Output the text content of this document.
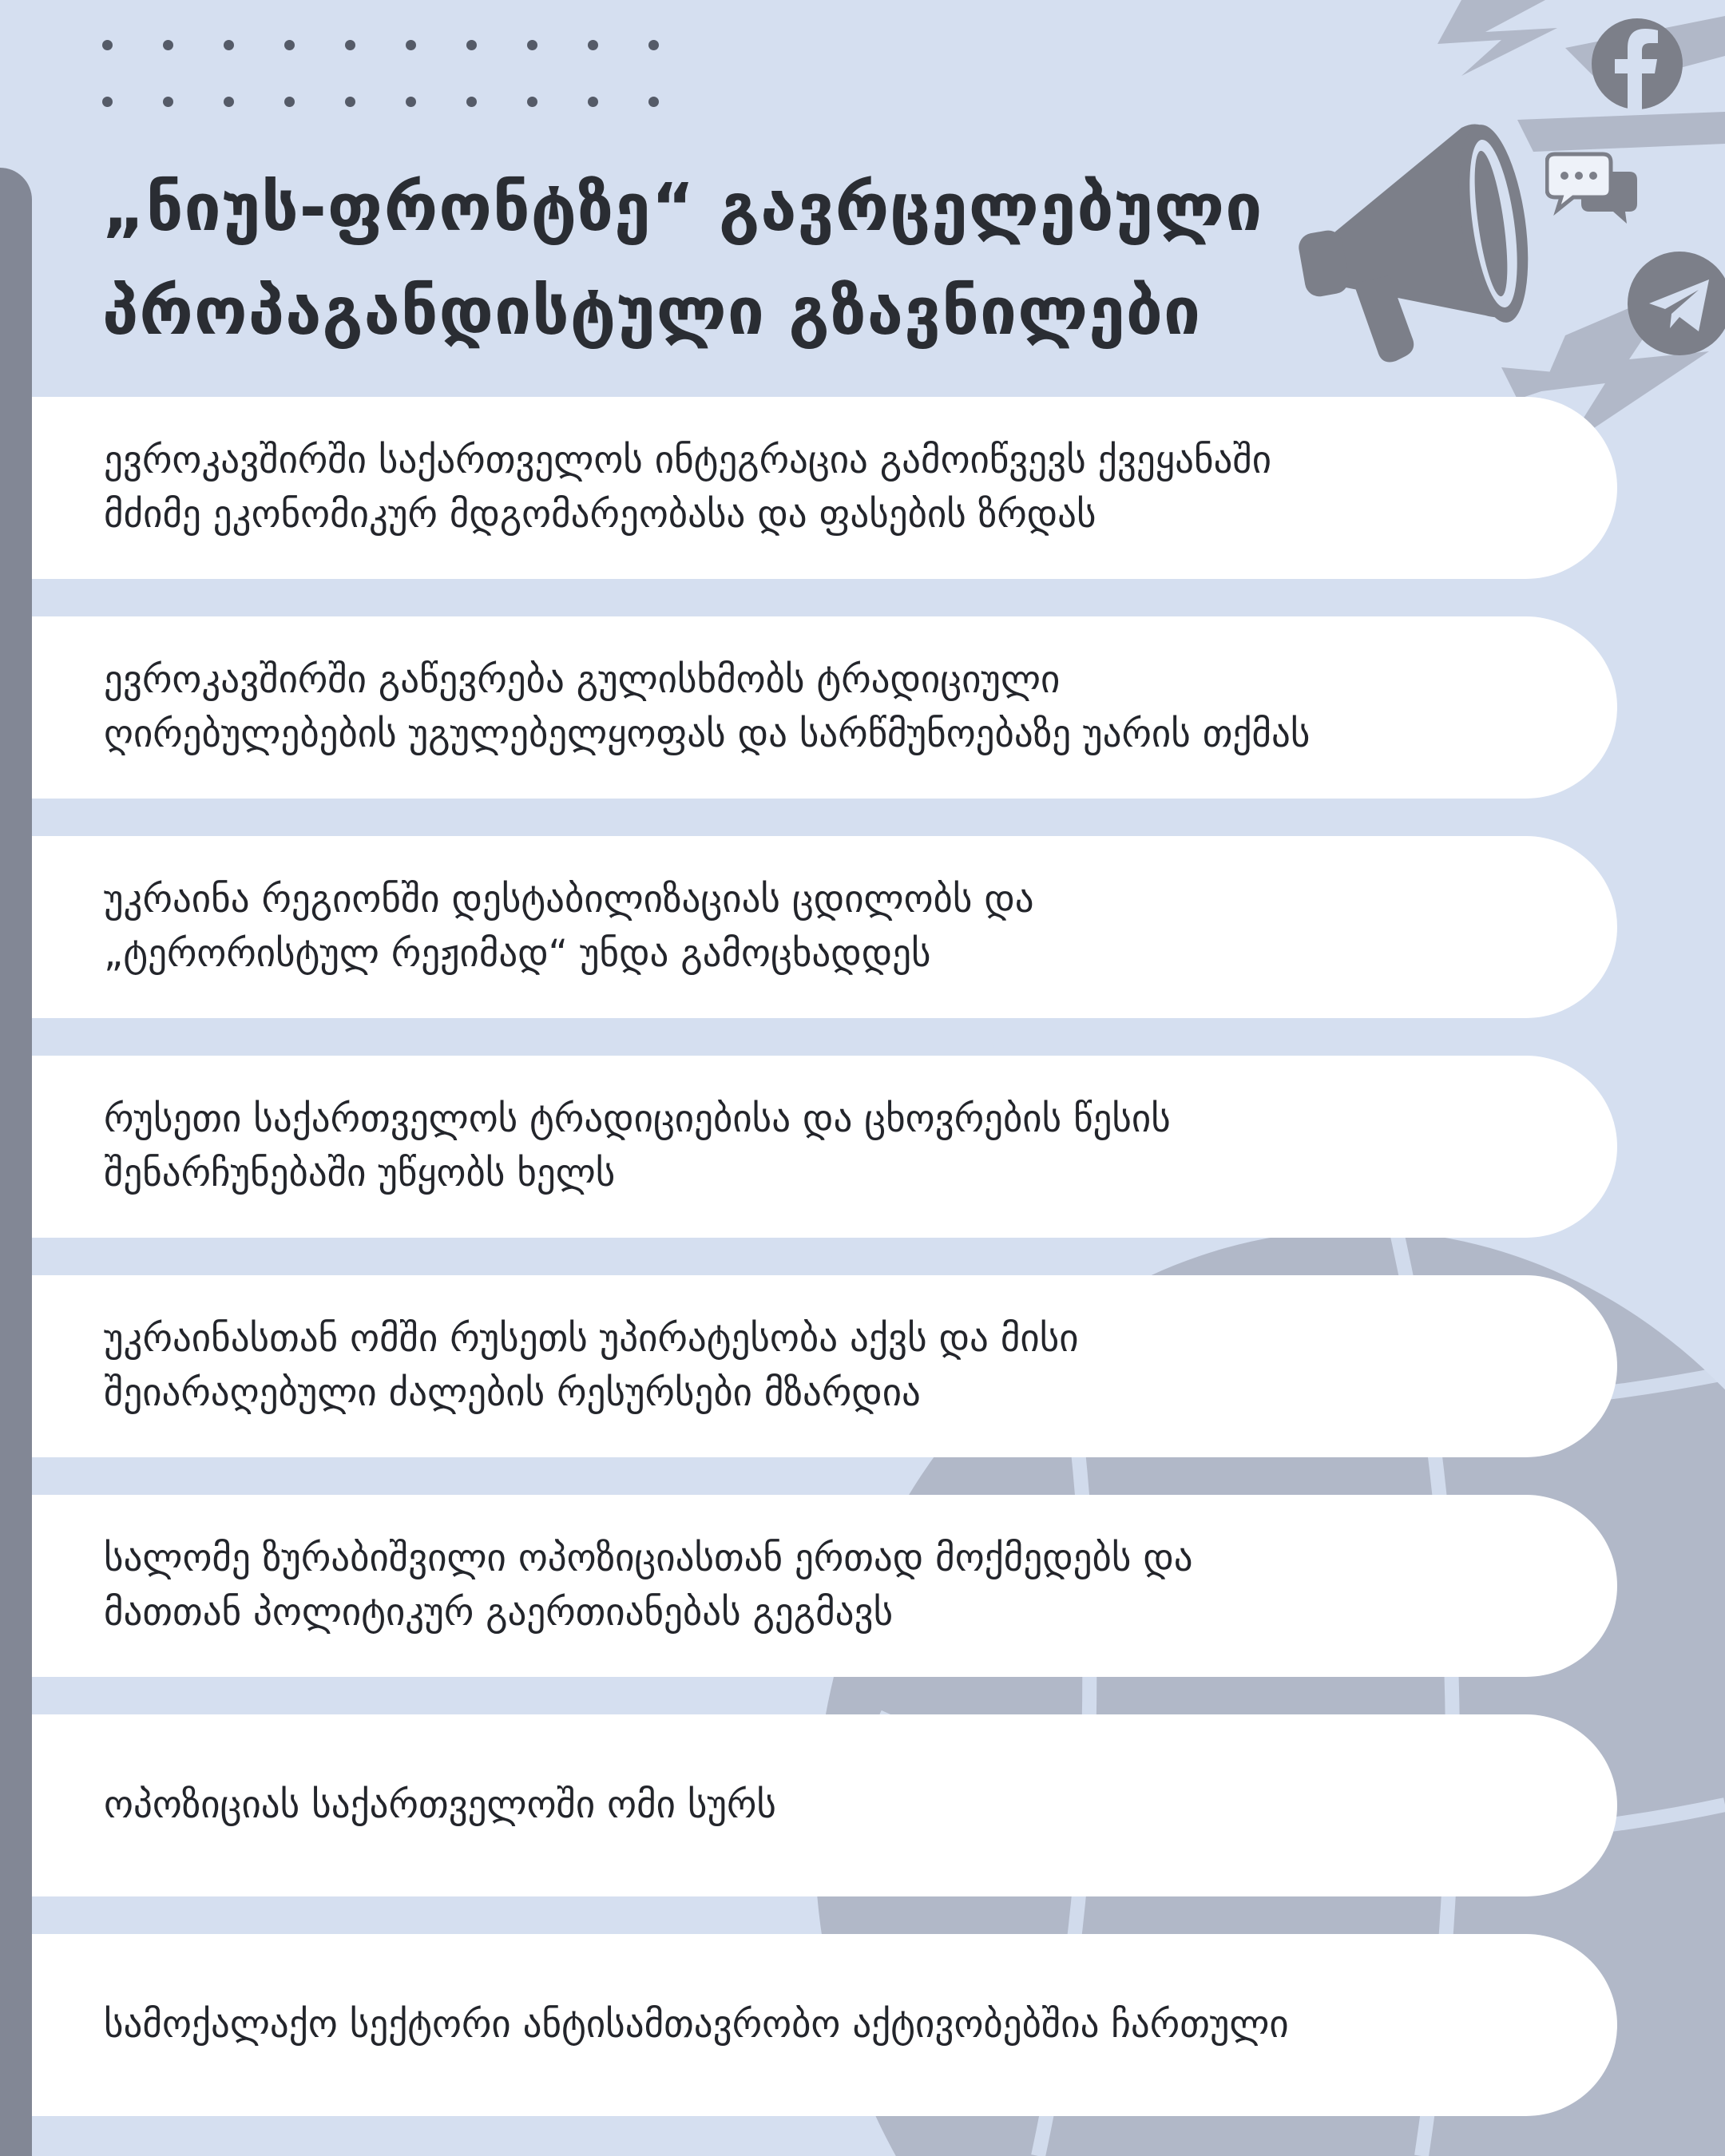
„ნიუს-ფრონტზე“ გავრცელებული
პროპაგანდისტული გზავნილები
ევროკავშირში საქართველოს ინტეგრაცია გამოიწვევს ქვეყანაში
მძიმე ეკონომიკურ მდგომარეობასა და ფასების ზრდას
ევროკავშირში გაწევრება გულისხმობს ტრადიციული
ღირებულებების უგულებელყოფას და სარწმუნოებაზე უარის თქმას
უკრაინა რეგიონში დესტაბილიზაციას ცდილობს და
„ტერორისტულ რეჟიმად“ უნდა გამოცხადდეს
რუსეთი საქართველოს ტრადიციებისა და ცხოვრების წესის
შენარჩუნებაში უწყობს ხელს
უკრაინასთან ომში რუსეთს უპირატესობა აქვს და მისი
შეიარაღებული ძალების რესურსები მზარდია
სალომე ზურაბიშვილი ოპოზიციასთან ერთად მოქმედებს და
მათთან პოლიტიკურ გაერთიანებას გეგმავს
ოპოზიციას საქართველოში ომი სურს
სამოქალაქო სექტორი ანტისამთავრობო აქტივობებშია ჩართული
